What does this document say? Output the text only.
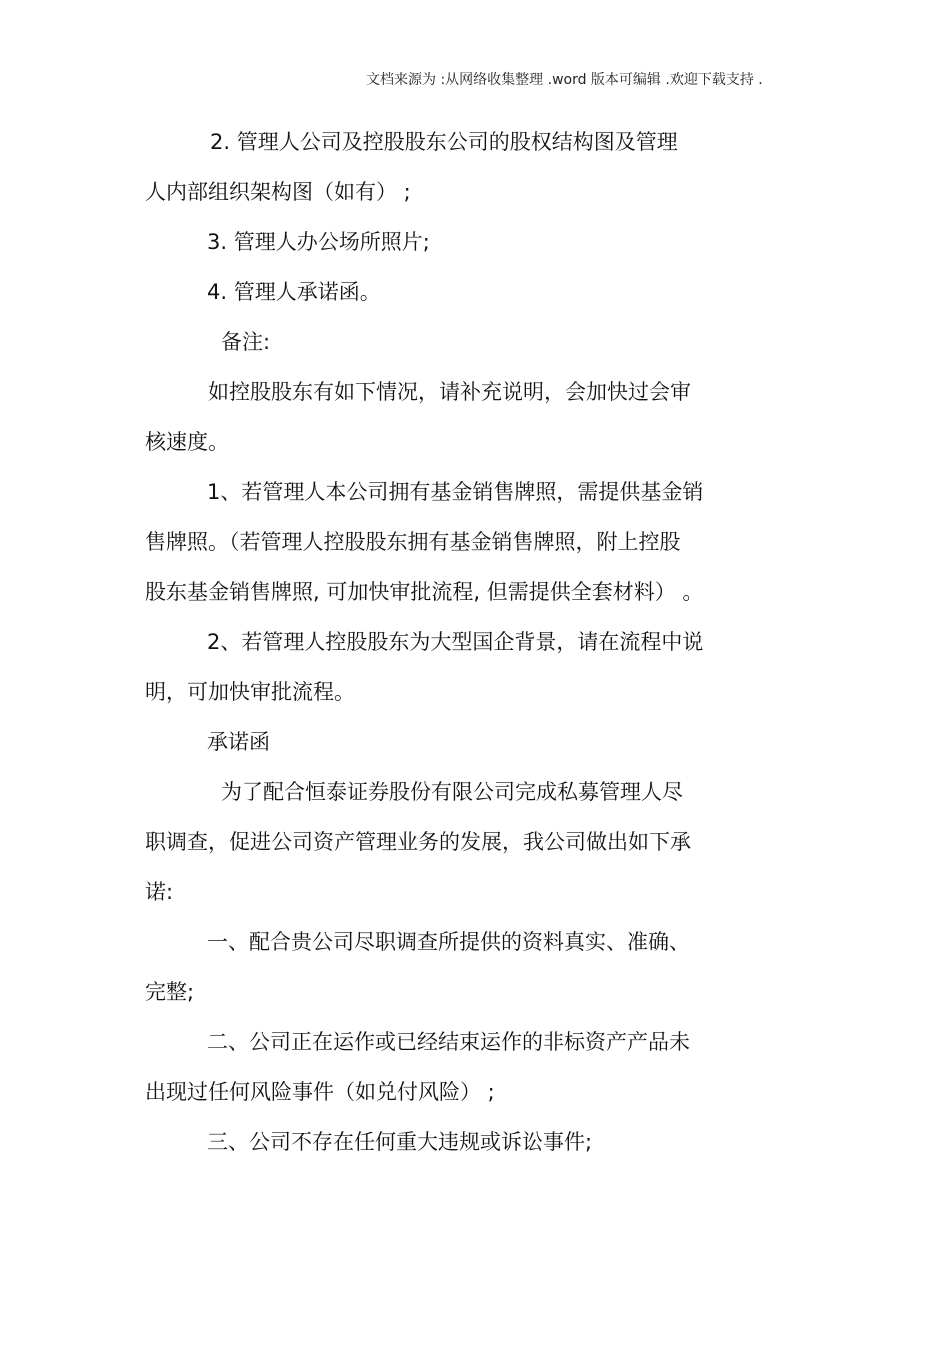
文档来源为 :从网络收集整理 .word 版本可编辑 .欢迎下载支持 .
2. 管理人公司及控股股东公司的股权结构图及管理
人内部组织架构图（如有） ;
3. 管理人办公场所照片;
4. 管理人承诺函。
备注:
如控股股东有如下情况，请补充说明，会加快过会审
核速度。
1、若管理人本公司拥有基金销售牌照，需提供基金销
售牌照。（若管理人控股股东拥有基金销售牌照，附上控股
股东基金销售牌照, 可加快审批流程, 但需提供全套材料） 。
2、若管理人控股股东为大型国企背景，请在流程中说
明，可加快审批流程。
承诺函
为了配合恒泰证券股份有限公司完成私募管理人尽
职调查，促进公司资产管理业务的发展，我公司做出如下承
诺:
一、配合贵公司尽职调查所提供的资料真实、准确、
完整;
二、公司正在运作或已经结束运作的非标资产产品未
出现过任何风险事件（如兑付风险） ;
三、公司不存在任何重大违规或诉讼事件;
